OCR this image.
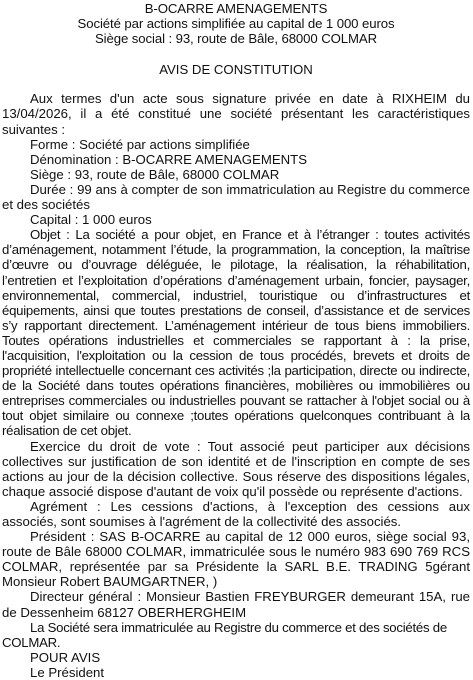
B-OCARRE AMENAGEMENTS

Société par actions simplifiée au capital de 1 000 euros

Siège social : 93, route de Bâle, 68000 COLMAR

AVIS DE CONSTITUTION

Aux termes d'un acte sous signature privée en date à RIXHEIM du 13/04/2026, il a été constitué une société présentant les caractéristiques suivantes :

Forme : Société par actions simplifiée

Dénomination : B-OCARRE AMENAGEMENTS

Siège : 93, route de Bâle, 68000 COLMAR

Durée : 99 ans à compter de son immatriculation au Registre du commerce et des sociétés

Capital : 1 000 euros

Objet : La société a pour objet, en France et à l’étranger : toutes activités d’aménagement, notamment l’étude, la programmation, la conception, la maîtrise d’œuvre ou d’ouvrage déléguée, le pilotage, la réalisation, la réhabilitation, l’entretien et l’exploitation d’opérations d’aménagement urbain, foncier, paysager, environnemental, commercial, industriel, touristique ou d’infrastructures et équipements, ainsi que toutes prestations de conseil, d’assistance et de services s’y rapportant directement. L’aménagement intérieur de tous biens immobiliers. Toutes opérations industrielles et commerciales se rapportant à : la prise, l'acquisition, l'exploitation ou la cession de tous procédés, brevets et droits de propriété intellectuelle concernant ces activités ;la participation, directe ou indirecte, de la Société dans toutes opérations financières, mobilières ou immobilières ou entreprises commerciales ou industrielles pouvant se rattacher à l'objet social ou à tout objet similaire ou connexe ;toutes opérations quelconques contribuant à la réalisation de cet objet.

Exercice du droit de vote : Tout associé peut participer aux décisions collectives sur justification de son identité et de l'inscription en compte de ses actions au jour de la décision collective. Sous réserve des dispositions légales, chaque associé dispose d'autant de voix qu'il possède ou représente d'actions.

Agrément : Les cessions d'actions, à l'exception des cessions aux associés, sont soumises à l'agrément de la collectivité des associés.

Président : SAS B-OCARRE au capital de 12 000 euros, siège social 93, route de Bâle 68000 COLMAR, immatriculée sous le numéro 983 690 769 RCS COLMAR, représentée par sa Présidente la SARL B.E. TRADING 5gérant Monsieur Robert BAUMGARTNER, )

Directeur général : Monsieur Bastien FREYBURGER demeurant 15A, rue de Dessenheim 68127 OBERHERGHEIM

La Société sera immatriculée au Registre du commerce et des sociétés de COLMAR.

POUR AVIS

Le Président
